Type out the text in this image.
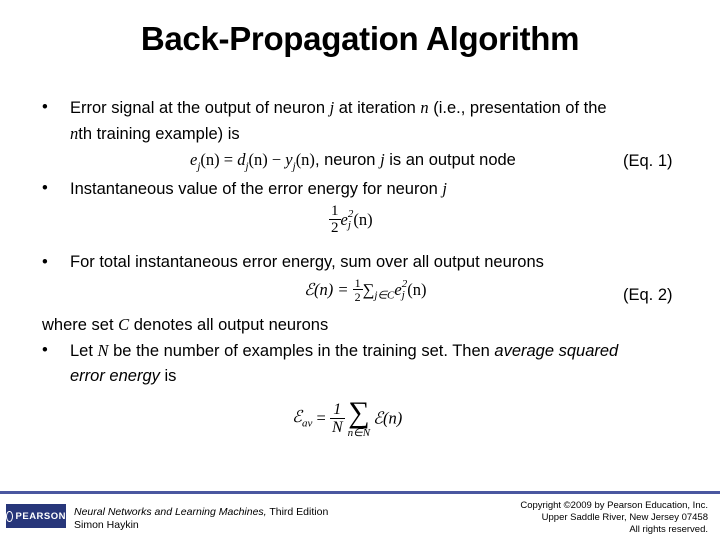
Back-Propagation Algorithm
• Error signal at the output of neuron j at iteration n (i.e., presentation of the
nth training example) is
$e_j(n) = d_j(n) - y_j(n)$, neuron j is an output node	(Eq. 1)
• Instantaneous value of the error energy for neuron j
$\frac{1}{2}$ e 2
j (n)
• For total instantaneous error energy, sum over all output neurons
ℰ(n) = $\frac{1}{2} \sum_{j\in C}e$ 2
j (n)	(Eq. 2)
where set C denotes all output neurons
• Let N be the number of examples in the training set. Then average squared
error energy is
ℰ$_{av}$ = $\frac{1}{N}$ ∑
n∈N
ℰ(n)
PEARSON Neural Networks and Learning Machines, Third Edition
Simon Haykin
Copyright ©2009 by Pearson Education, Inc.
Upper Saddle River, New Jersey 07458
All rights reserved.
